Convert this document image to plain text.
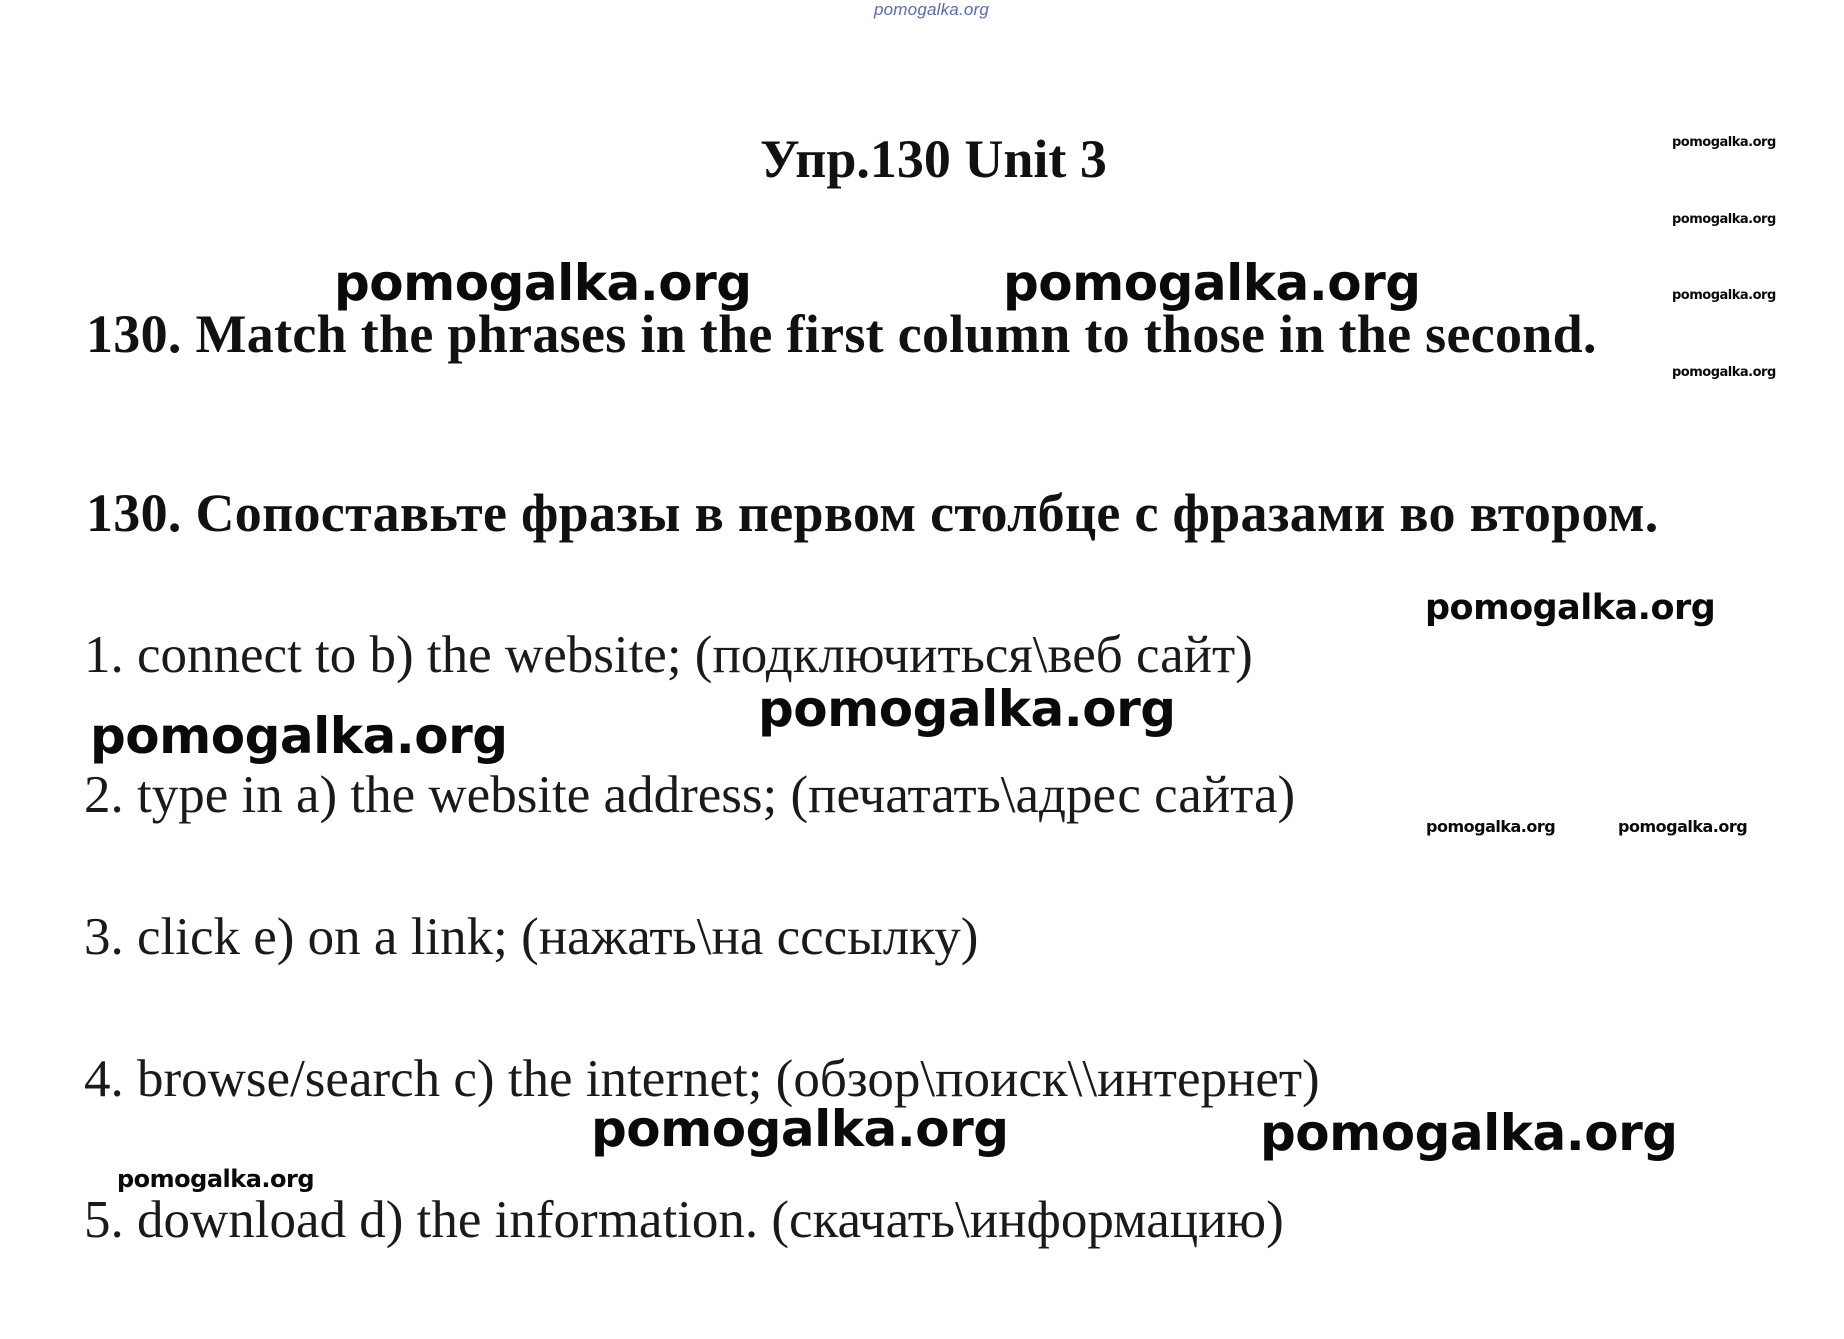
pomogalka.org
Упр.130 Unit 3
130. Match the phrases in the first column to those in the second.
130. Сопоставьте фразы в первом столбце с фразами во втором.
1. connect to b) the website; (подключиться\веб сайт)
2. type in a) the website address; (печатать\адрес сайта)
3. click e) on a link; (нажать\на сссылку)
4. browse/search c) the internet; (обзор\поиск\\интернет)
5. download d) the information. (скачать\информацию)
pomogalka.org
pomogalka.org
pomogalka.org
pomogalka.org
pomogalka.org	pomogalka.org
pomogalka.org
pomogalka.org
pomogalka.org
pomogalka.org	pomogalka.org
pomogalka.org	pomogalka.org
pomogalka.org
